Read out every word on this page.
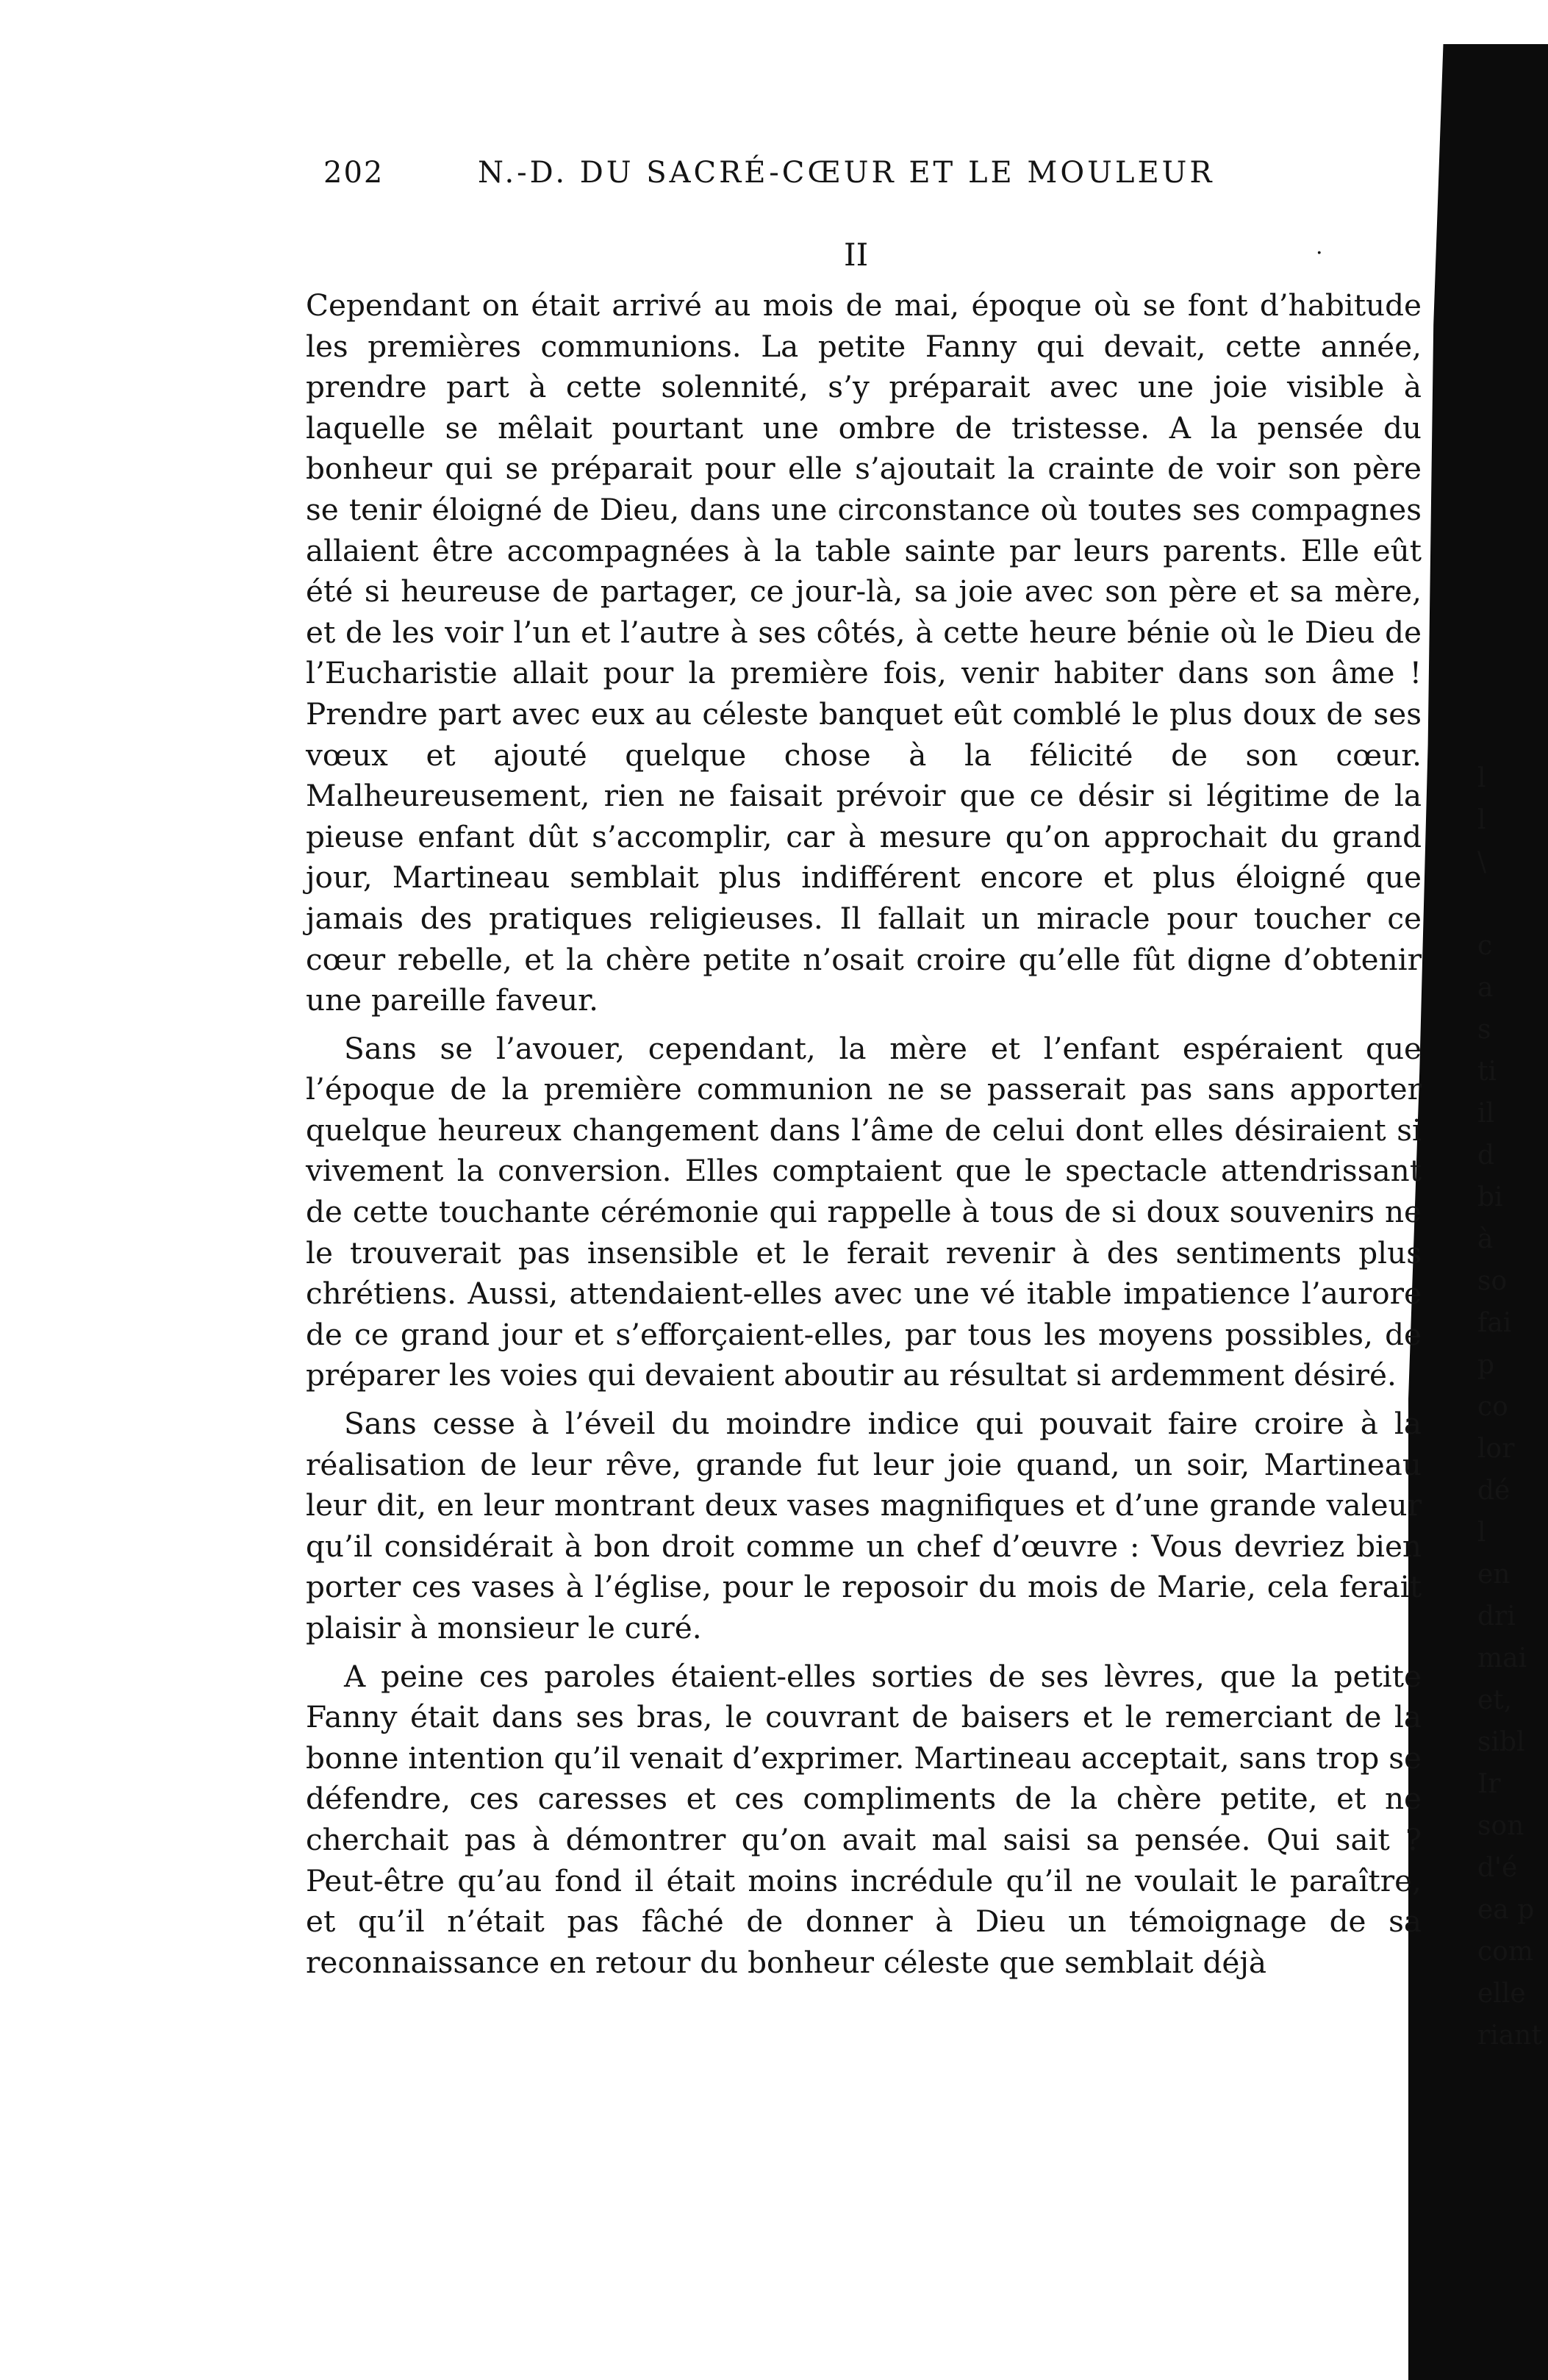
202	N.-D. DU SACRÉ-CŒUR ET LE MOULEUR
II	.

Cependant on était arrivé au mois de mai, époque où se font d’habitude les premières communions. La petite Fanny qui devait, cette année, prendre part à cette solennité, s’y préparait avec une joie visible à laquelle se mêlait pourtant une ombre de tristesse. A la pensée du bonheur qui se préparait pour elle s’ajoutait la crainte de voir son père se tenir éloigné de Dieu, dans une circonstance où toutes ses compagnes allaient être accompagnées à la table sainte par leurs parents. Elle eût été si heureuse de partager, ce jour-là, sa joie avec son père et sa mère, et de les voir l’un et l’autre à ses côtés, à cette heure bénie où le Dieu de l’Eucharistie allait pour la première fois, venir habiter dans son âme ! Prendre part avec eux au céleste banquet eût comblé le plus doux de ses vœux et ajouté quelque chose à la félicité de son cœur. Malheureusement, rien ne faisait prévoir que ce désir si légitime de la pieuse enfant dût s’accomplir, car à mesure qu’on approchait du grand jour, Martineau semblait plus indifférent encore et plus éloigné que jamais des pratiques religieuses. Il fallait un miracle pour toucher ce cœur rebelle, et la chère petite n’osait croire qu’elle fût digne d’obtenir une pareille faveur.

Sans se l’avouer, cependant, la mère et l’enfant espéraient que l’époque de la première communion ne se passerait pas sans apporter quelque heureux changement dans l’âme de celui dont elles désiraient si vivement la conversion. Elles comptaient que le spectacle attendrissant de cette touchante cérémonie qui rappelle à tous de si doux souvenirs ne le trouverait pas insensible et le ferait revenir à des sentiments plus chrétiens. Aussi, attendaient-elles avec une vé itable impatience l’aurore de ce grand jour et s’efforçaient-elles, par tous les moyens possibles, de préparer les voies qui devaient aboutir au résultat si ardemment désiré.

Sans cesse à l’éveil du moindre indice qui pouvait faire croire à la réalisation de leur rêve, grande fut leur joie quand, un soir, Martineau leur dit, en leur montrant deux vases magnifiques et d’une grande valeur qu’il considérait à bon droit comme un chef d’œuvre : Vous devriez bien porter ces vases à l’église, pour le reposoir du mois de Marie, cela ferait plaisir à monsieur le curé.

A peine ces paroles étaient-elles sorties de ses lèvres, que la petite Fanny était dans ses bras, le couvrant de baisers et le remerciant de la bonne intention qu’il venait d’exprimer. Martineau acceptait, sans trop se défendre, ces caresses et ces compliments de la chère petite, et ne cherchait pas à démontrer qu’on avait mal saisi sa pensée. Qui sait ? Peut-être qu’au fond il était moins incrédule qu’il ne voulait le paraître, et qu’il n’était pas fâché de donner à Dieu un témoignage de sa reconnaissance en retour du bonheur céleste que semblait déjà

l
l
\

c
a
s
ti
il
d
bi
à
so
fai
p
co
lor
dé
l
en
dri
mai
et,
sibl
Ir
son
d'é
ea p
com
elle
riant
